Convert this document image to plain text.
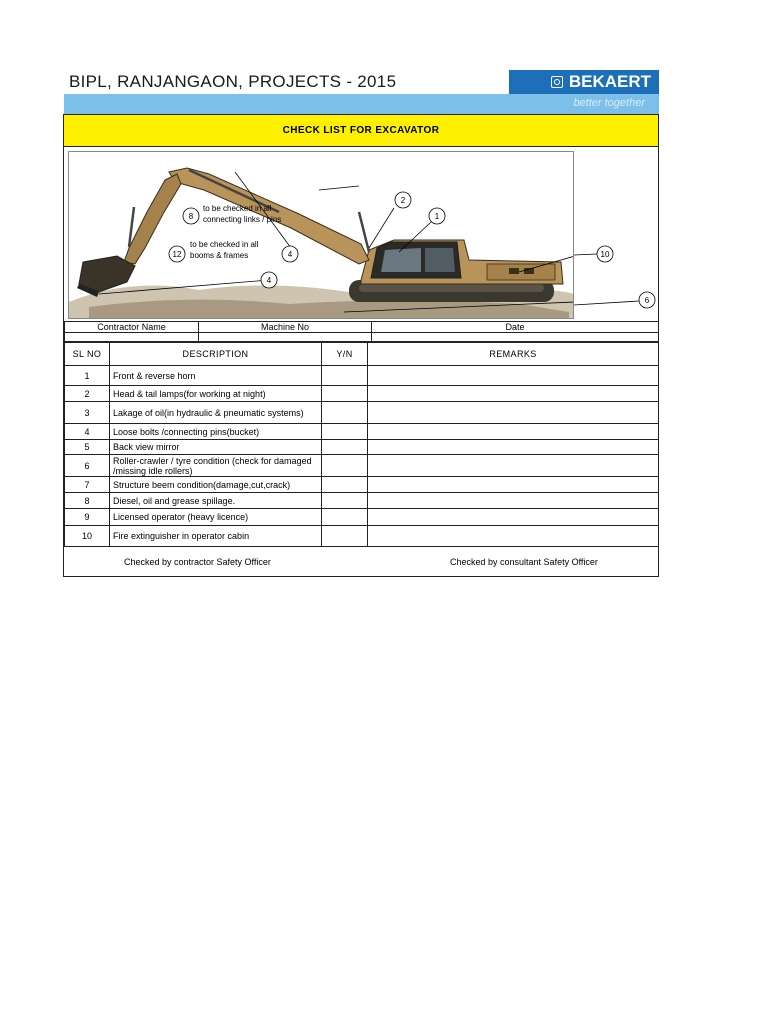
BIPL, RANJANGAON, PROJECTS - 2015	BEKAERT
better together
CHECK LIST FOR EXCAVATOR
2
1
4
4
8
to be checked in all
connecting links / pins
12
to be checked in all
booms & frames	10
6
Contractor Name	Machine No	Date

SL NO	DESCRIPTION	Y/N	REMARKS
1	Front & reverse horn		
2	Head & tail lamps(for working at night)		
3	Lakage of oil(in hydraulic & pneumatic systems)		
4	Loose bolts /connecting pins(bucket)		
5	Back view mirror		
6	Roller-crawler / tyre condition (check for damaged
/missing idle rollers)		

7	Structure beem condition(damage,cut,crack)		
8	Diesel, oil and grease spillage.		
9	Licensed operator (heavy licence)		
10	Fire extinguisher in operator cabin		
Checked by contractor Safety Officer	Checked by consultant Safety Officer
